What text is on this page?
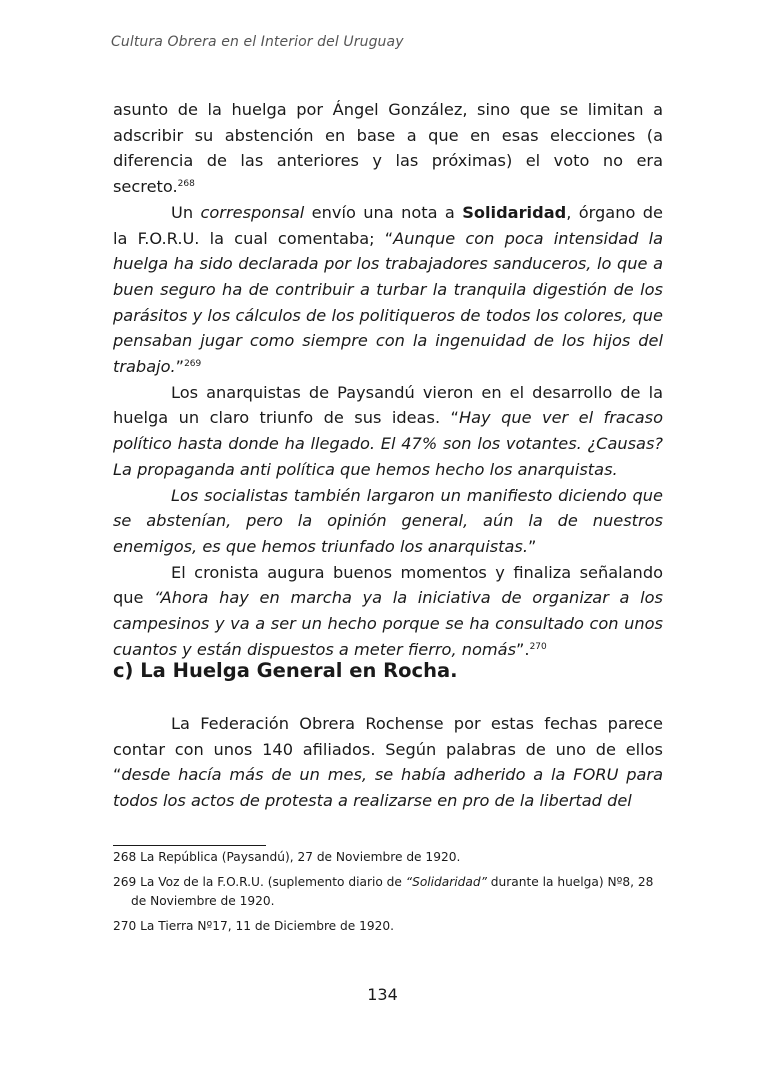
Cultura Obrera en el Interior del Uruguay

asunto de la huelga por Ángel González, sino que se limitan a adscribir su abstención en base a que en esas elecciones (a diferencia de las anteriores y las próximas) el voto no era secreto.$^{268}$

Un corresponsal envío una nota a Solidaridad, órgano de la F.O.R.U. la cual comentaba; “Aunque con poca intensidad la huelga ha sido declarada por los trabajadores sanduceros, lo que a buen seguro ha de contribuir a turbar la tranquila digestión de los parásitos y los cálculos de los politiqueros de todos los colores, que pensaban jugar como siempre con la ingenuidad de los hijos del trabajo.”$^{269}$

Los anarquistas de Paysandú vieron en el desarrollo de la huelga un claro triunfo de sus ideas. “Hay que ver el fracaso político hasta donde ha llegado. El 47% son los votantes. ¿Causas? La propaganda anti política que hemos hecho los anarquistas.
Los socialistas también largaron un manifiesto diciendo que se abstenían, pero la opinión general, aún la de nuestros enemigos, es que hemos triunfado los anarquistas.”

El cronista augura buenos momentos y finaliza señalando que “Ahora hay en marcha ya la iniciativa de organizar a los campesinos y va a ser un hecho porque se ha consultado con unos cuantos y están dispuestos a meter fierro, nomás”.$^{270}$

c) La Huelga General en Rocha.

La Federación Obrera Rochense por estas fechas parece contar con unos 140 afiliados. Según palabras de uno de ellos “desde hacía más de un mes, se había adherido a la FORU para todos los actos de protesta a realizarse en pro de la libertad del

268 La República (Paysandú), 27 de Noviembre de 1920.

269 La Voz de la F.O.R.U. (suplemento diario de “Solidaridad” durante la huelga) Nº8, 28 de Noviembre de 1920.

270 La Tierra Nº17, 11 de Diciembre de 1920.

134
